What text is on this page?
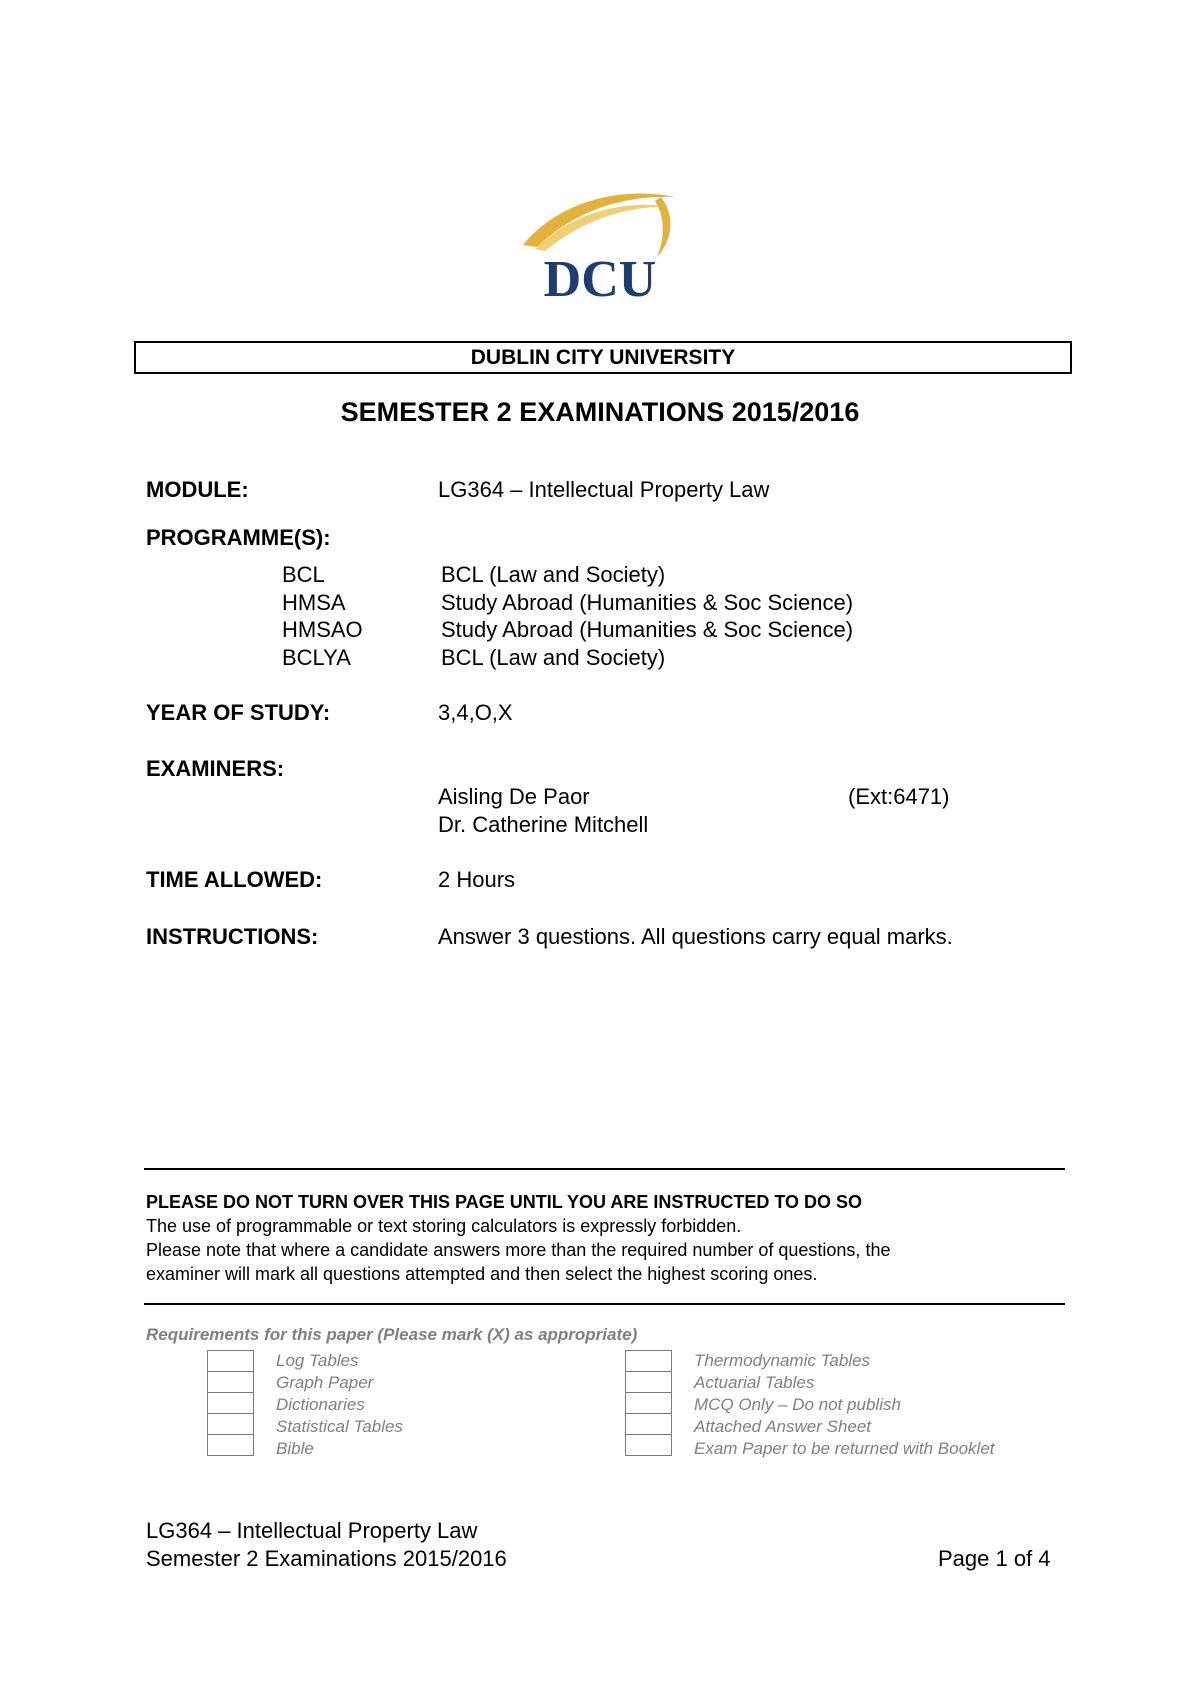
DCU
DUBLIN CITY UNIVERSITY
SEMESTER 2 EXAMINATIONS 2015/2016
MODULE:	LG364 – Intellectual Property Law
PROGRAMME(S):
BCL	BCL (Law and Society)
HMSA	Study Abroad (Humanities & Soc Science)
HMSAO	Study Abroad (Humanities & Soc Science)
BCLYA	BCL (Law and Society)
YEAR OF STUDY:	3,4,O,X
EXAMINERS:
Aisling De Paor	(Ext:6471)
Dr. Catherine Mitchell
TIME ALLOWED:	2 Hours
INSTRUCTIONS:	Answer 3 questions. All questions carry equal marks.
PLEASE DO NOT TURN OVER THIS PAGE UNTIL YOU ARE INSTRUCTED TO DO SO
The use of programmable or text storing calculators is expressly forbidden.
Please note that where a candidate answers more than the required number of questions, the
examiner will mark all questions attempted and then select the highest scoring ones.
Requirements for this paper (Please mark (X) as appropriate)

Log Tables
Graph Paper
Dictionaries
Statistical Tables
Bible

Thermodynamic Tables
Actuarial Tables
MCQ Only – Do not publish
Attached Answer Sheet
Exam Paper to be returned with Booklet
LG364 – Intellectual Property Law
Semester 2 Examinations 2015/2016	Page 1 of 4
